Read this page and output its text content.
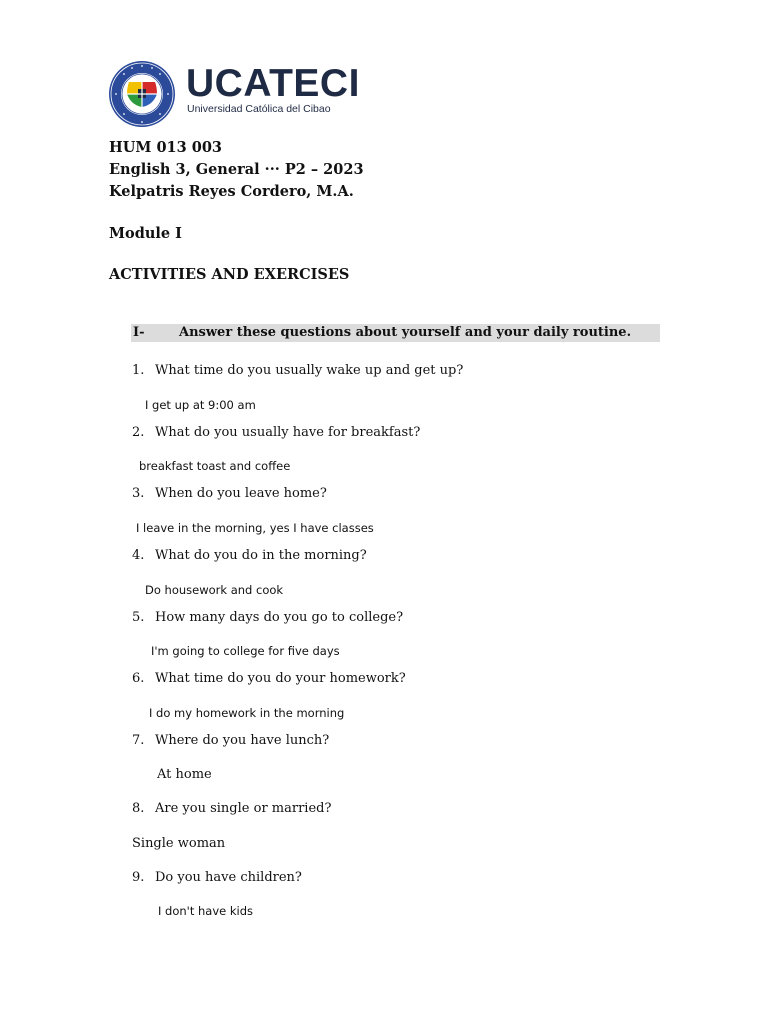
UCATECI
Universidad Católica del Cibao
HUM 013 003
English 3, General ··· P2 – 2023
Kelpatris Reyes Cordero, M.A.
Module I
ACTIVITIES AND EXERCISES
I-	Answer these questions about yourself and your daily routine.
1. What time do you usually wake up and get up?
I get up at 9:00 am
2. What do you usually have for breakfast?
breakfast toast and coffee
3. When do you leave home?
I leave in the morning, yes I have classes
4. What do you do in the morning?
Do housework and cook
5. How many days do you go to college?
I'm going to college for five days
6. What time do you do your homework?
I do my homework in the morning
7. Where do you have lunch?
At home
8. Are you single or married?
Single woman
9. Do you have children?
I don't have kids
